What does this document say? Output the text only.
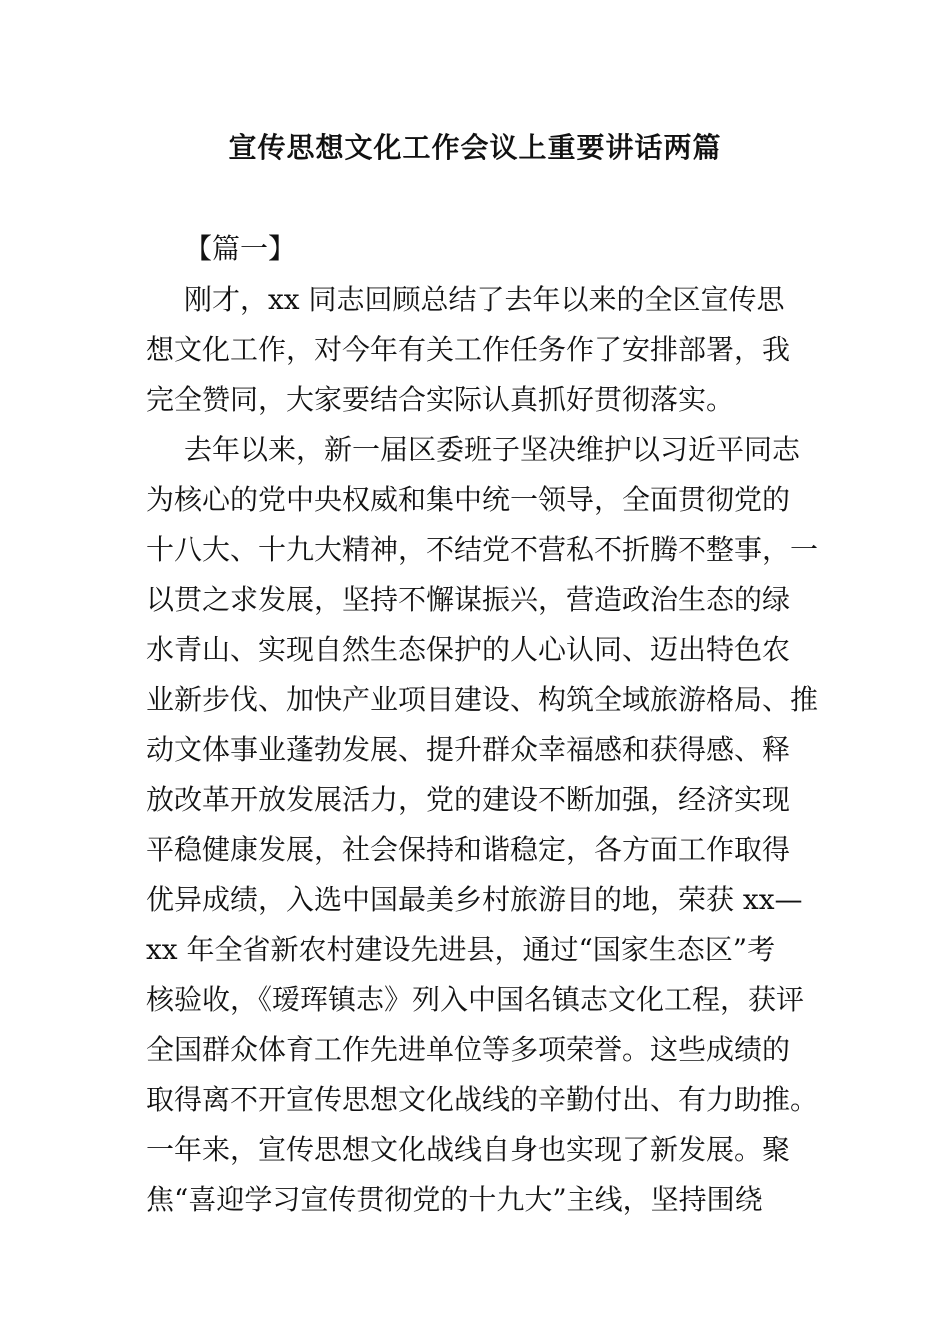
宣传思想文化工作会议上重要讲话两篇
【篇一】
刚才，xx 同志回顾总结了去年以来的全区宣传思
想文化工作，对今年有关工作任务作了安排部署，我
完全赞同，大家要结合实际认真抓好贯彻落实。
去年以来，新一届区委班子坚决维护以习近平同志
为核心的党中央权威和集中统一领导，全面贯彻党的
十八大、十九大精神，不结党不营私不折腾不整事，一
以贯之求发展，坚持不懈谋振兴，营造政治生态的绿
水青山、实现自然生态保护的人心认同、迈出特色农
业新步伐、加快产业项目建设、构筑全域旅游格局、推
动文体事业蓬勃发展、提升群众幸福感和获得感、释
放改革开放发展活力，党的建设不断加强，经济实现
平稳健康发展，社会保持和谐稳定，各方面工作取得
优异成绩，入选中国最美乡村旅游目的地，荣获 xx—
xx 年全省新农村建设先进县，通过“国家生态区”考
核验收，《瑷珲镇志》列入中国名镇志文化工程，获评
全国群众体育工作先进单位等多项荣誉。这些成绩的
取得离不开宣传思想文化战线的辛勤付出、有力助推。
一年来，宣传思想文化战线自身也实现了新发展。聚
焦“喜迎学习宣传贯彻党的十九大”主线，坚持围绕
